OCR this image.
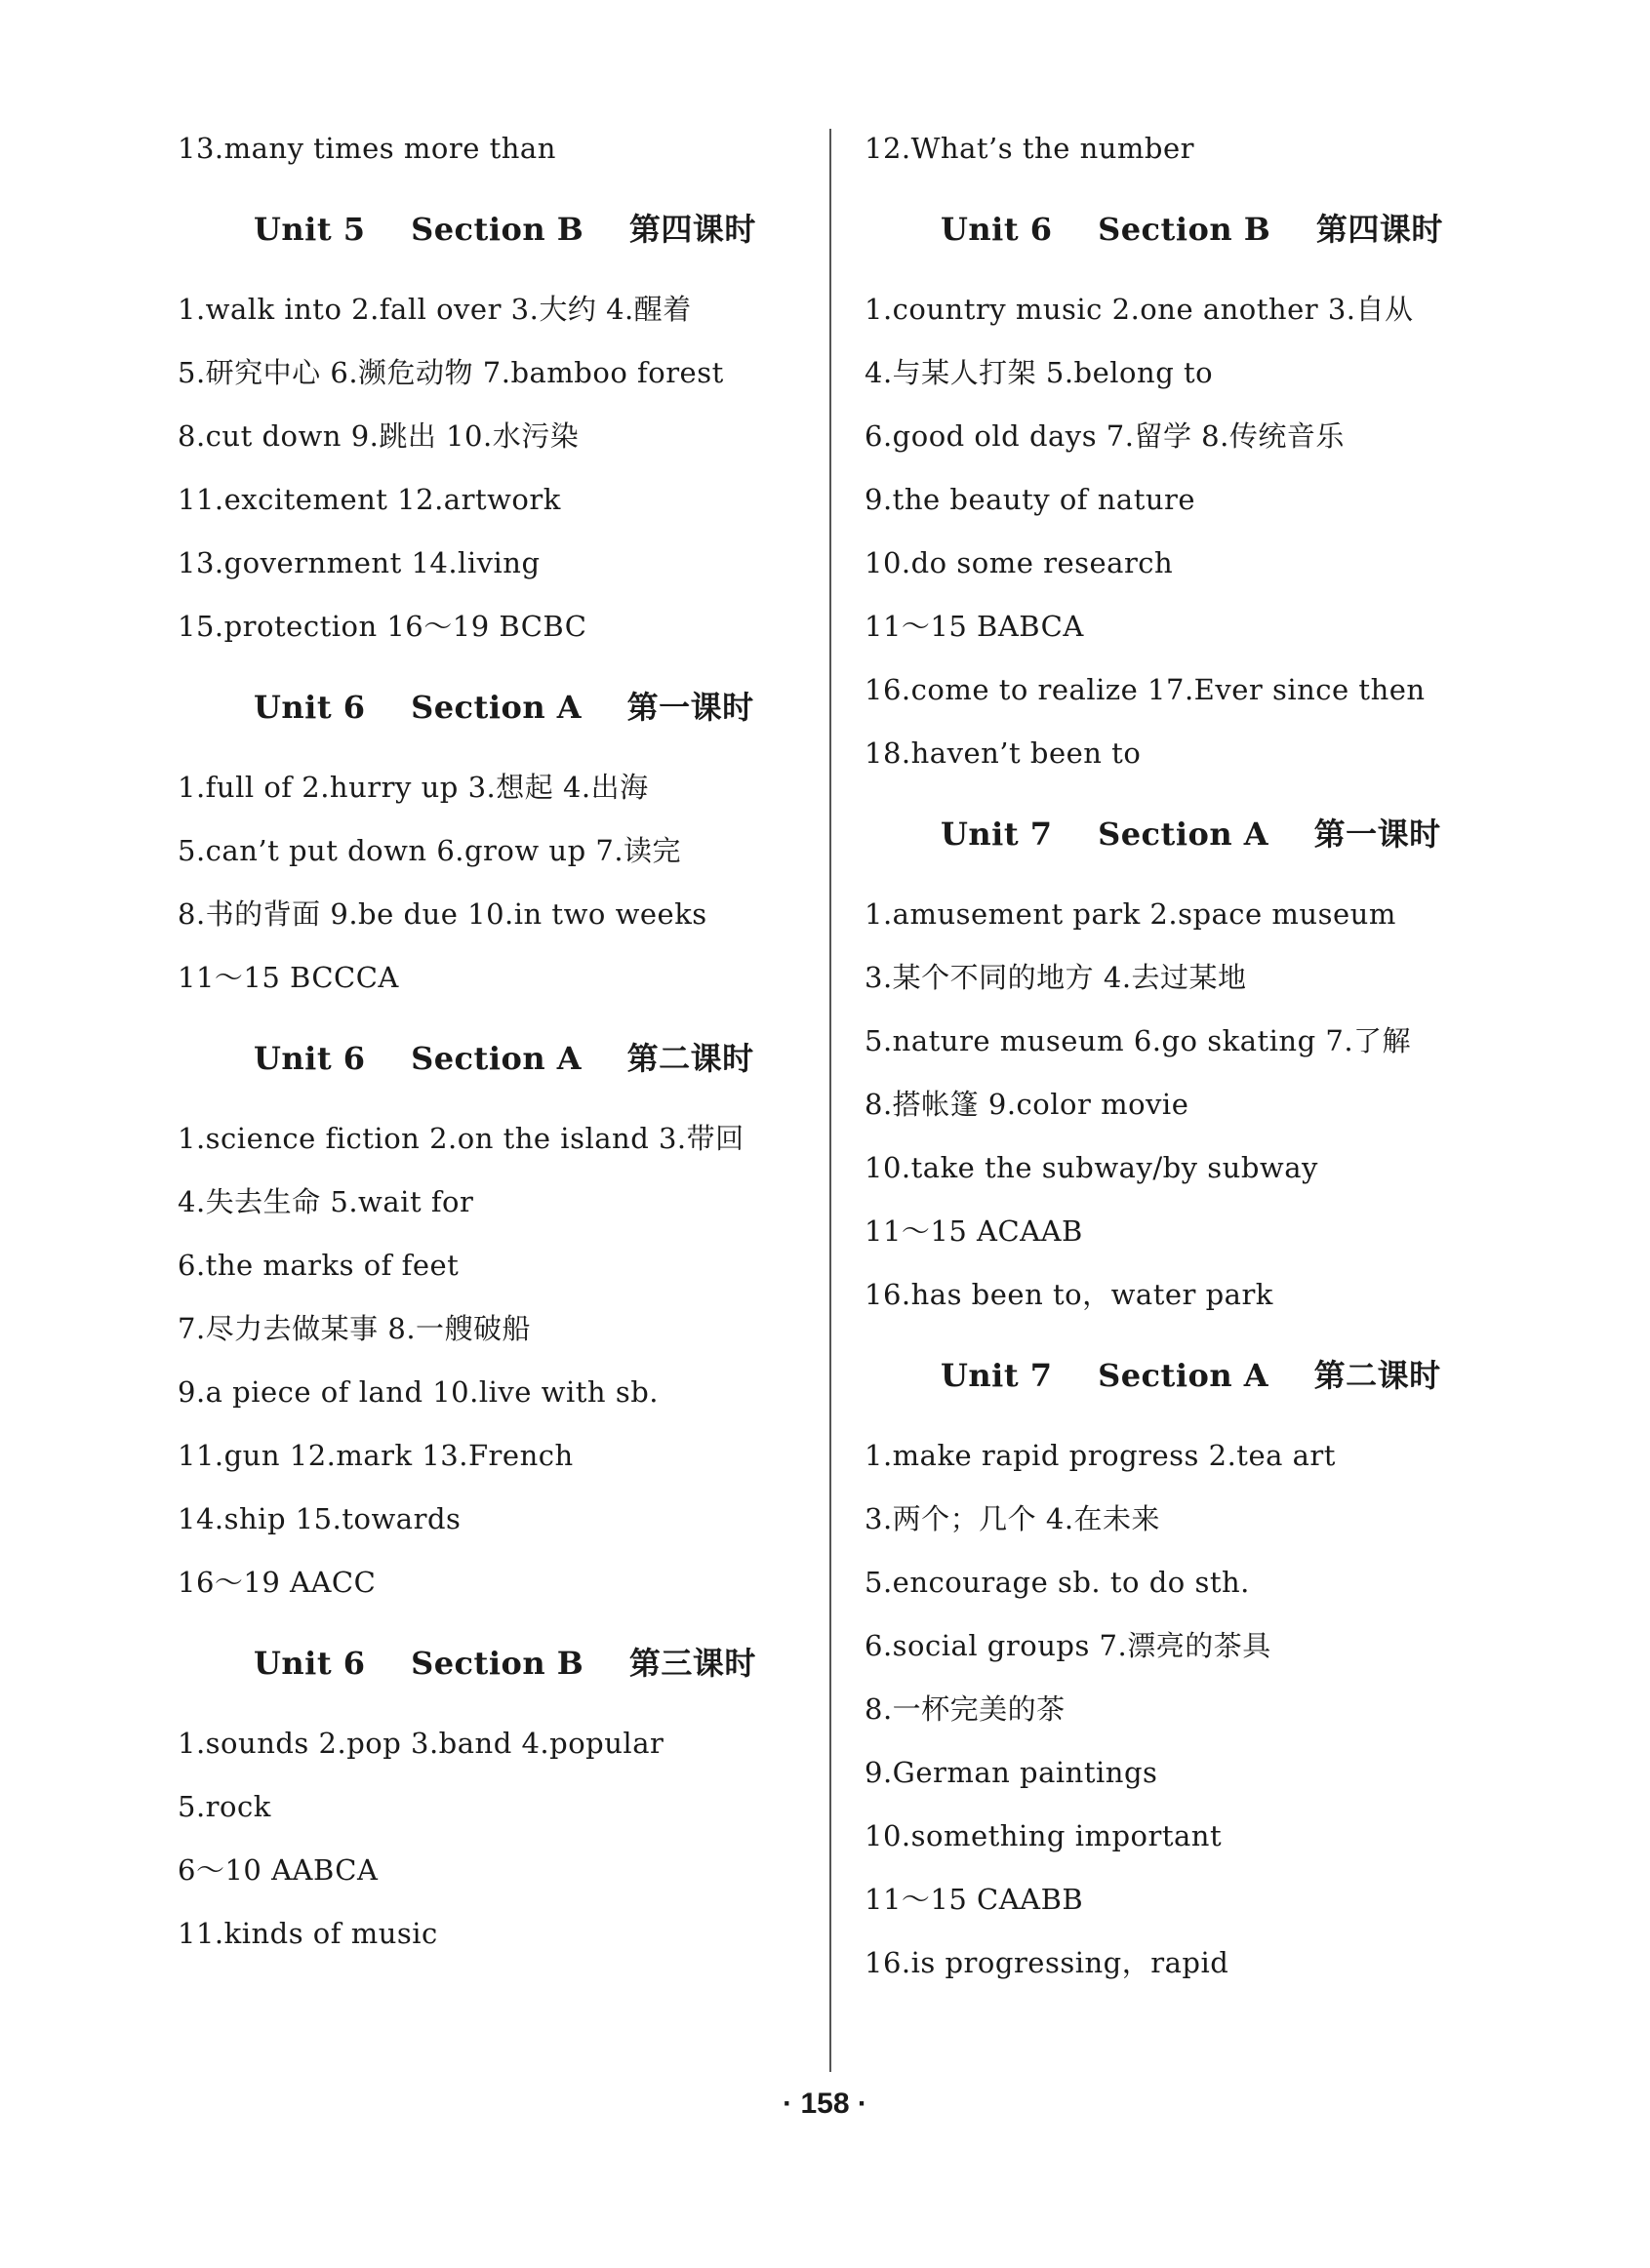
13.many times more than
Unit 5    Section B    第四课时
1.walk into 2.fall over 3.大约 4.醒着
5.研究中心 6.濒危动物 7.bamboo forest
8.cut down 9.跳出 10.水污染
11.excitement 12.artwork
13.government 14.living
15.protection 16～19 BCBC
Unit 6    Section A    第一课时
1.full of 2.hurry up 3.想起 4.出海
5.can’t put down 6.grow up 7.读完
8.书的背面 9.be due 10.in two weeks
11～15 BCCCA
Unit 6    Section A    第二课时
1.science fiction 2.on the island 3.带回
4.失去生命 5.wait for
6.the marks of feet
7.尽力去做某事 8.一艘破船
9.a piece of land 10.live with sb.
11.gun 12.mark 13.French
14.ship 15.towards
16～19 AACC
Unit 6    Section B    第三课时
1.sounds 2.pop 3.band 4.popular
5.rock
6～10 AABCA
11.kinds of music
12.What’s the number
Unit 6    Section B    第四课时
1.country music 2.one another 3.自从
4.与某人打架 5.belong to
6.good old days 7.留学 8.传统音乐
9.the beauty of nature
10.do some research
11～15 BABCA
16.come to realize 17.Ever since then
18.haven’t been to
Unit 7    Section A    第一课时
1.amusement park 2.space museum
3.某个不同的地方 4.去过某地
5.nature museum 6.go skating 7.了解
8.搭帐篷 9.color movie
10.take the subway/by subway
11～15 ACAAB
16.has been to，water park
Unit 7    Section A    第二课时
1.make rapid progress 2.tea art
3.两个；几个 4.在未来
5.encourage sb. to do sth.
6.social groups 7.漂亮的茶具
8.一杯完美的茶
9.German paintings
10.something important
11～15 CAABB
16.is progressing，rapid
· 158 ·
